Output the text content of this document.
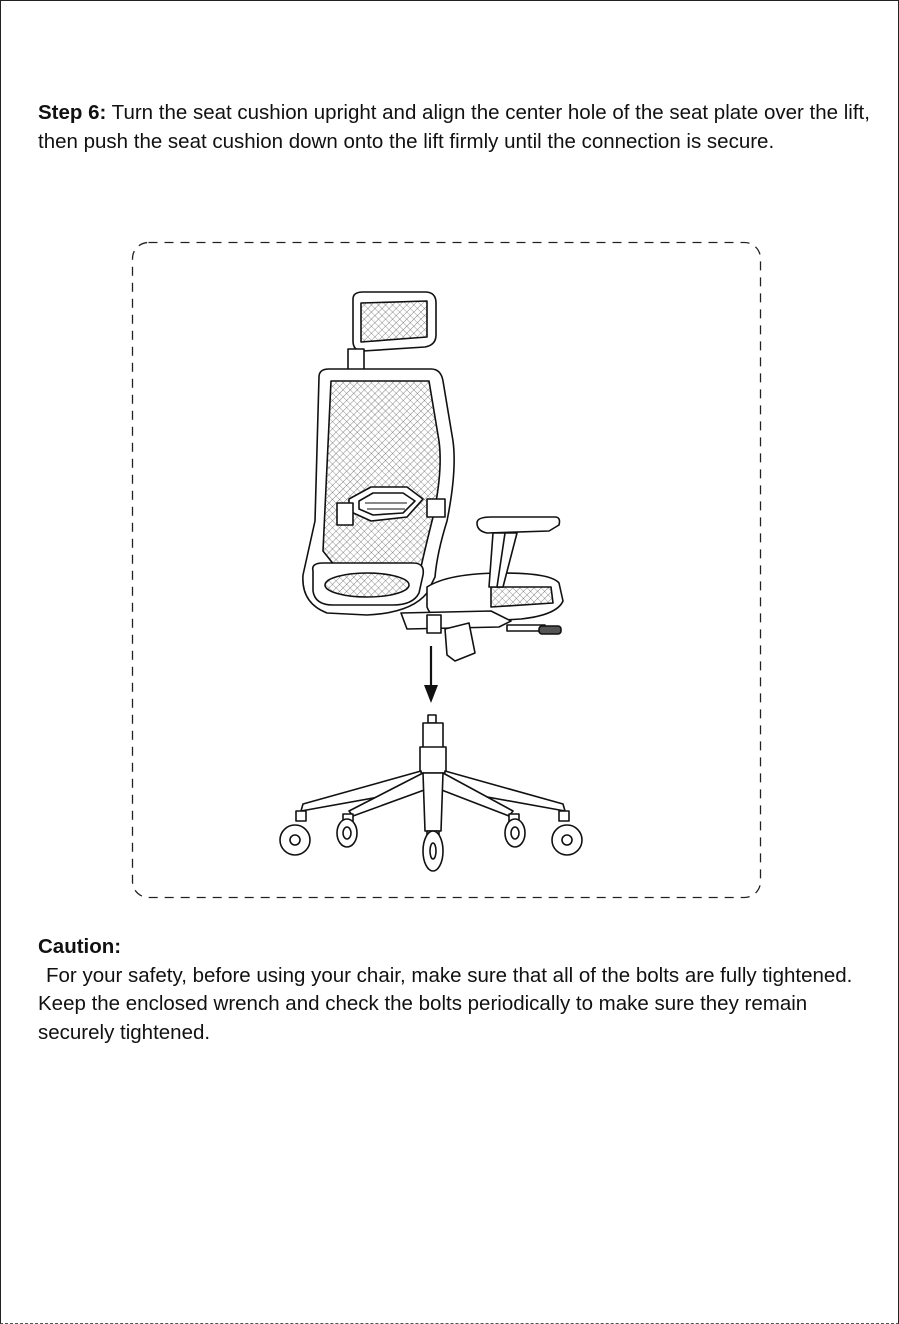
Step 6: Turn the seat cushion upright and align the center hole of the seat plate over the lift, then push the seat cushion down onto the lift firmly until the connection is secure.
Caution:

For your safety, before using your chair, make sure that all of the bolts are fully tightened.

Keep the enclosed wrench and check the bolts periodically to make sure they remain securely tightened.
